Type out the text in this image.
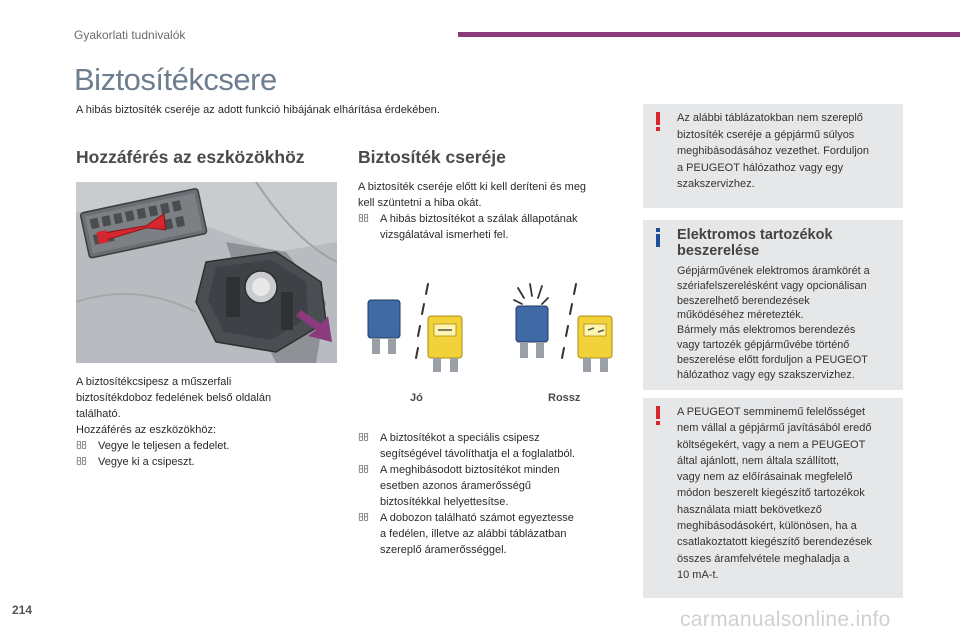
Gyakorlati tudnivalók
Biztosítékcsere
A hibás biztosíték cseréje az adott funkció hibájának elhárítása érdekében.
Hozzáférés az eszközökhöz

A biztosítékcsipesz a műszerfali

biztosítékdoboz fedelének belső oldalán

található.

Hozzáférés az eszközökhöz:

Vegye le teljesen a fedelet.

Vegye ki a csipeszt.

Biztosíték cseréje

A biztosíték cseréje előtt ki kell deríteni és meg

kell szüntetni a hiba okát.

A hibás biztosítékot a szálak állapotának

vizsgálatával ismerheti fel.

Jó	Rossz

A biztosítékot a speciális csipesz

segítségével távolíthatja el a foglalatból.

A meghibásodott biztosítékot minden

esetben azonos áramerősségű

biztosítékkal helyettesítse.

A dobozon található számot egyeztesse

a fedélen, illetve az alábbi táblázatban

szereplő áramerősséggel.

Az alábbi táblázatokban nem szereplő
biztosíték cseréje a gépjármű súlyos
meghibásodásához vezethet. Forduljon
a PEUGEOT hálózathoz vagy egy
szakszervizhez.
Elektromos tartozékok
beszerelése
Gépjárművének elektromos áramkörét a
szériafelszerelésként vagy opcionálisan
beszerelhető berendezések
működéséhez méretezték.
Bármely más elektromos berendezés
vagy tartozék gépjárművébe történő
beszerelése előtt forduljon a PEUGEOT
hálózathoz vagy egy szakszervizhez.
A PEUGEOT semminemű felelősséget
nem vállal a gépjármű javításából eredő
költségekért, vagy a nem a PEUGEOT
által ajánlott, nem általa szállított,
vagy nem az előírásainak megfelelő
módon beszerelt kiegészítő tartozékok
használata miatt bekövetkező
meghibásodásokért, különösen, ha a
csatlakoztatott kiegészítő berendezések
összes áramfelvétele meghaladja a
10 mA-t.
214	carmanualsonline.info
